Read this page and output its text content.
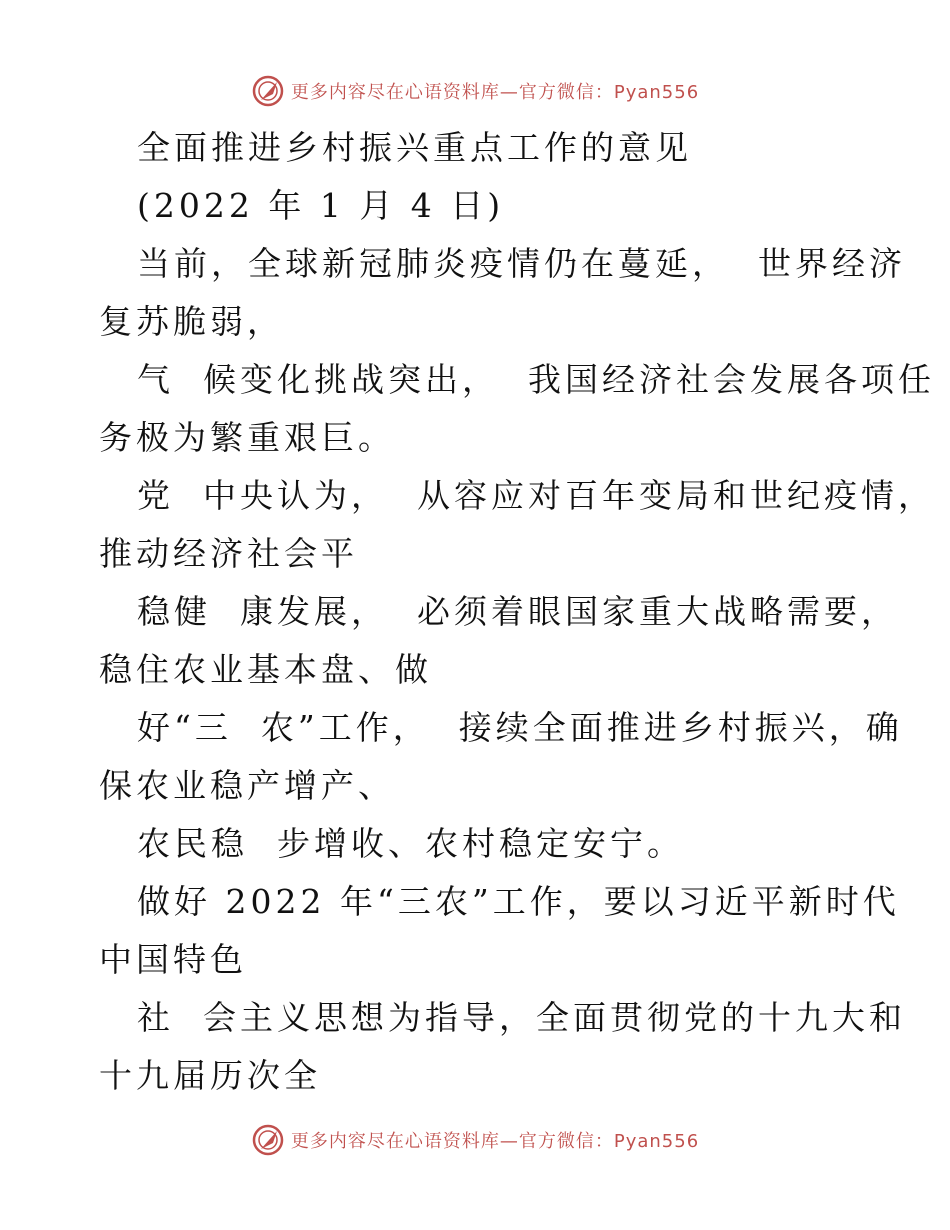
更多内容尽在心语资料库—官方微信：Pyan556
全面推进乡村振兴重点工作的意见
(2022 年 1 月 4 日)
当前，全球新冠肺炎疫情仍在蔓延，  世界经济
复苏脆弱，
气  候变化挑战突出，  我国经济社会发展各项任
务极为繁重艰巨。
党  中央认为，  从容应对百年变局和世纪疫情，
推动经济社会平
稳健  康发展，  必须着眼国家重大战略需要，
稳住农业基本盘、做
好“三  农”工作，  接续全面推进乡村振兴，确
保农业稳产增产、
农民稳  步增收、农村稳定安宁。
做好 2022 年“三农”工作，要以习近平新时代
中国特色
社  会主义思想为指导，全面贯彻党的十九大和
十九届历次全
更多内容尽在心语资料库—官方微信：Pyan556
